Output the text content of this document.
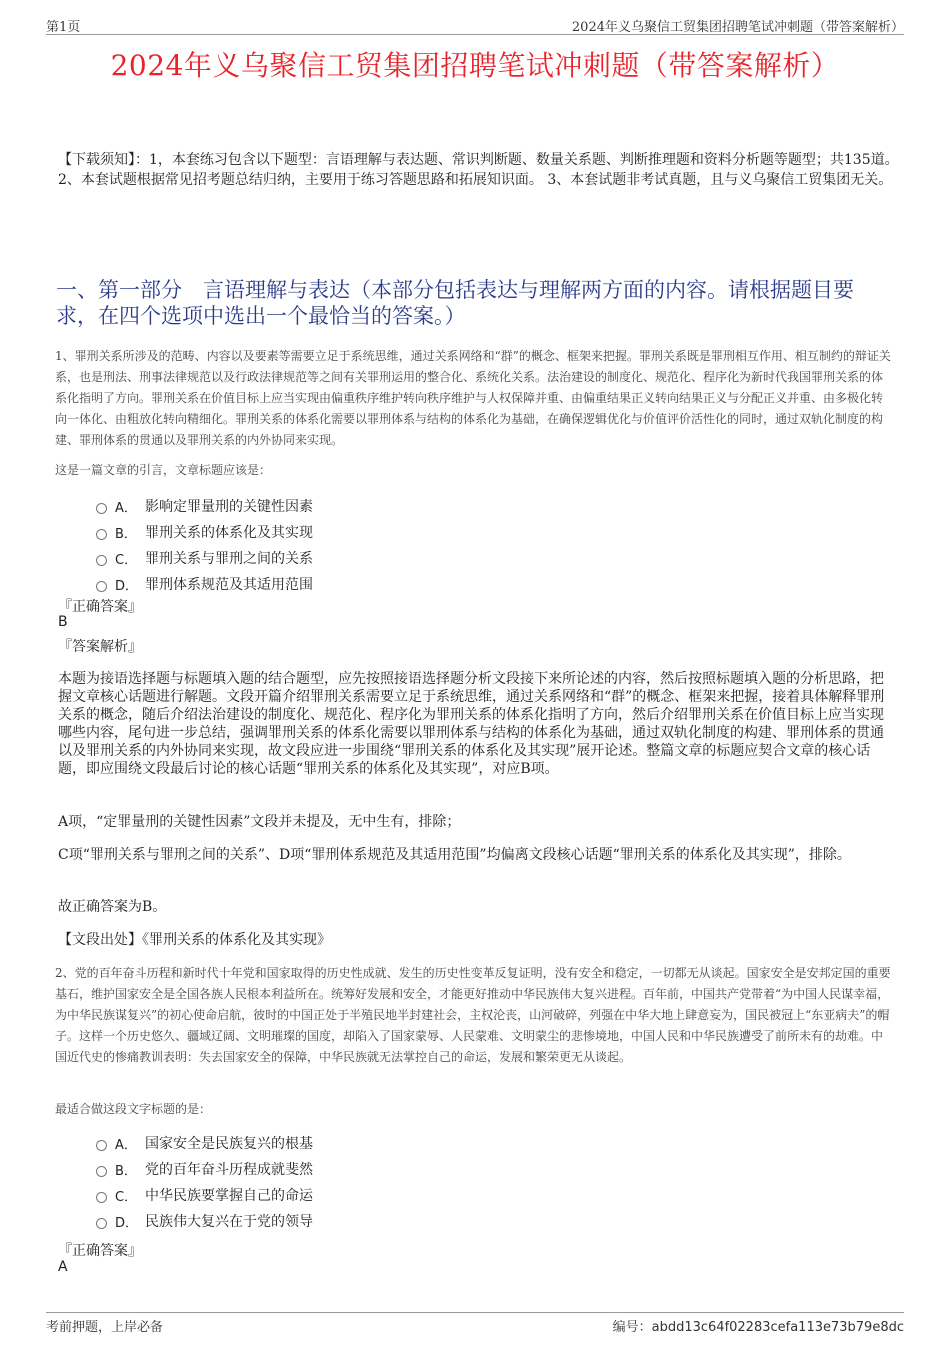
第1页	2024年义乌聚信工贸集团招聘笔试冲刺题（带答案解析）
2024年义乌聚信工贸集团招聘笔试冲刺题（带答案解析）
【下载须知】：1，本套练习包含以下题型：言语理解与表达题、常识判断题、数量关系题、判断推理题和资料分析题等题型；共135道。 2、本套试题根据常见招考题总结归纳，主要用于练习答题思路和拓展知识面。 3、本套试题非考试真题，且与义乌聚信工贸集团无关。
一、第一部分　言语理解与表达（本部分包括表达与理解两方面的内容。请根据题目要求，在四个选项中选出一个最恰当的答案。）
1、罪刑关系所涉及的范畴、内容以及要素等需要立足于系统思维，通过关系网络和“群”的概念、框架来把握。罪刑关系既是罪刑相互作用、相互制约的辩证关系，也是刑法、刑事法律规范以及行政法律规范等之间有关罪刑运用的整合化、系统化关系。法治建设的制度化、规范化、程序化为新时代我国罪刑关系的体系化指明了方向。罪刑关系在价值目标上应当实现由偏重秩序维护转向秩序维护与人权保障并重、由偏重结果正义转向结果正义与分配正义并重、由多极化转向一体化、由粗放化转向精细化。罪刑关系的体系化需要以罪刑体系与结构的体系化为基础，在确保逻辑优化与价值评价活性化的同时，通过双轨化制度的构建、罪刑体系的贯通以及罪刑关系的内外协同来实现。
这是一篇文章的引言，文章标题应该是：
A． 影响定罪量刑的关键性因素
B． 罪刑关系的体系化及其实现
C． 罪刑关系与罪刑之间的关系
D． 罪刑体系规范及其适用范围
『正确答案』
B
『答案解析』
本题为接语选择题与标题填入题的结合题型，应先按照接语选择题分析文段接下来所论述的内容，然后按照标题填入题的分析思路，把握文章核心话题进行解题。文段开篇介绍罪刑关系需要立足于系统思维，通过关系网络和“群”的概念、框架来把握，接着具体解释罪刑关系的概念，随后介绍法治建设的制度化、规范化、程序化为罪刑关系的体系化指明了方向，然后介绍罪刑关系在价值目标上应当实现哪些内容，尾句进一步总结，强调罪刑关系的体系化需要以罪刑体系与结构的体系化为基础，通过双轨化制度的构建、罪刑体系的贯通以及罪刑关系的内外协同来实现，故文段应进一步围绕“罪刑关系的体系化及其实现”展开论述。整篇文章的标题应契合文章的核心话题，即应围绕文段最后讨论的核心话题“罪刑关系的体系化及其实现”，对应B项。
A项，“定罪量刑的关键性因素”文段并未提及，无中生有，排除；
C项“罪刑关系与罪刑之间的关系”、D项“罪刑体系规范及其适用范围”均偏离文段核心话题“罪刑关系的体系化及其实现”，排除。
故正确答案为B。
【文段出处】《罪刑关系的体系化及其实现》
2、党的百年奋斗历程和新时代十年党和国家取得的历史性成就、发生的历史性变革反复证明，没有安全和稳定，一切都无从谈起。国家安全是安邦定国的重要基石，维护国家安全是全国各族人民根本利益所在。统筹好发展和安全，才能更好推动中华民族伟大复兴进程。百年前，中国共产党带着“为中国人民谋幸福，为中华民族谋复兴”的初心使命启航，彼时的中国正处于半殖民地半封建社会，主权沦丧，山河破碎，列强在中华大地上肆意妄为，国民被冠上“东亚病夫”的帽子。这样一个历史悠久、疆域辽阔、文明璀璨的国度，却陷入了国家蒙辱、人民蒙难、文明蒙尘的悲惨境地，中国人民和中华民族遭受了前所未有的劫难。中国近代史的惨痛教训表明：失去国家安全的保障，中华民族就无法掌控自己的命运，发展和繁荣更无从谈起。
最适合做这段文字标题的是：
A． 国家安全是民族复兴的根基
B． 党的百年奋斗历程成就斐然
C． 中华民族要掌握自己的命运
D． 民族伟大复兴在于党的领导
『正确答案』
A
考前押题，上岸必备	编号：abdd13c64f02283cefa113e73b79e8dc
